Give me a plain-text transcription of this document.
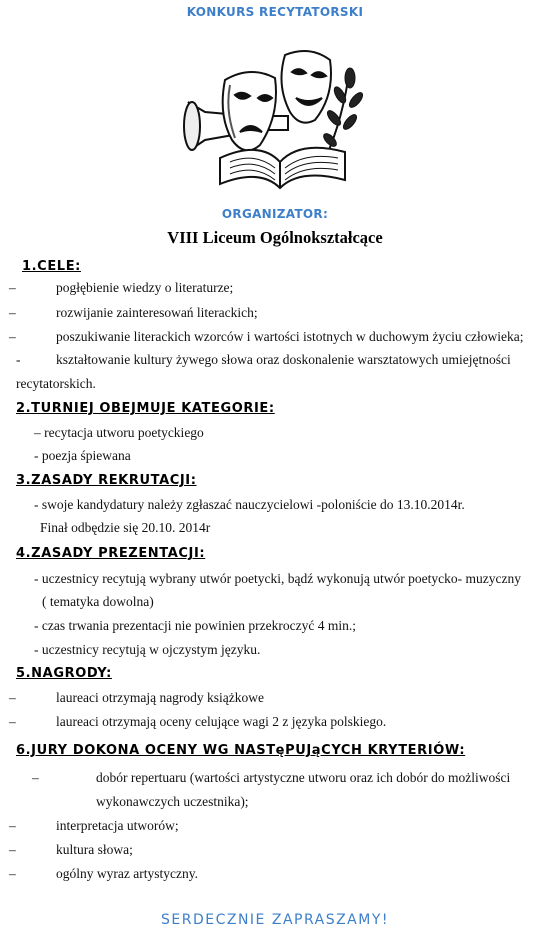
KONKURS RECYTATORSKI
ORGANIZATOR:
VIII Liceum Ogólnokształcące
1.CELE:
–	pogłębienie wiedzy o literaturze;
–	rozwijanie zainteresowań literackich;
–	poszukiwanie literackich wzorców i wartości istotnych w duchowym życiu człowieka;
-	kształtowanie kultury żywego słowa oraz doskonalenie warsztatowych umiejętności
recytatorskich.
2.TURNIEJ OBEJMUJE KATEGORIE:
– recytacja utworu poetyckiego
- poezja śpiewana
3.ZASADY REKRUTACJI:
- swoje kandydatury należy zgłaszać nauczycielowi -poloniście do 13.10.2014r.
Finał odbędzie się 20.10. 2014r
4.ZASADY PREZENTACJI:
- uczestnicy recytują wybrany utwór poetycki, bądź wykonują utwór poetycko- muzyczny
( tematyka dowolna)
- czas trwania prezentacji nie powinien przekroczyć 4 min.;
- uczestnicy recytują w ojczystym języku.
5.NAGRODY:
–	laureaci otrzymają nagrody książkowe
–	laureaci otrzymają oceny celujące wagi 2 z języka polskiego.
6.JURY DOKONA OCENY WG NASTęPUJąCYCH KRYTERIÓW:
–	dobór repertuaru (wartości artystyczne utworu oraz ich dobór do możliwości
wykonawczych uczestnika);
–	interpretacja utworów;
–	kultura słowa;
–	ogólny wyraz artystyczny.
SERDECZNIE ZAPRASZAMY!
